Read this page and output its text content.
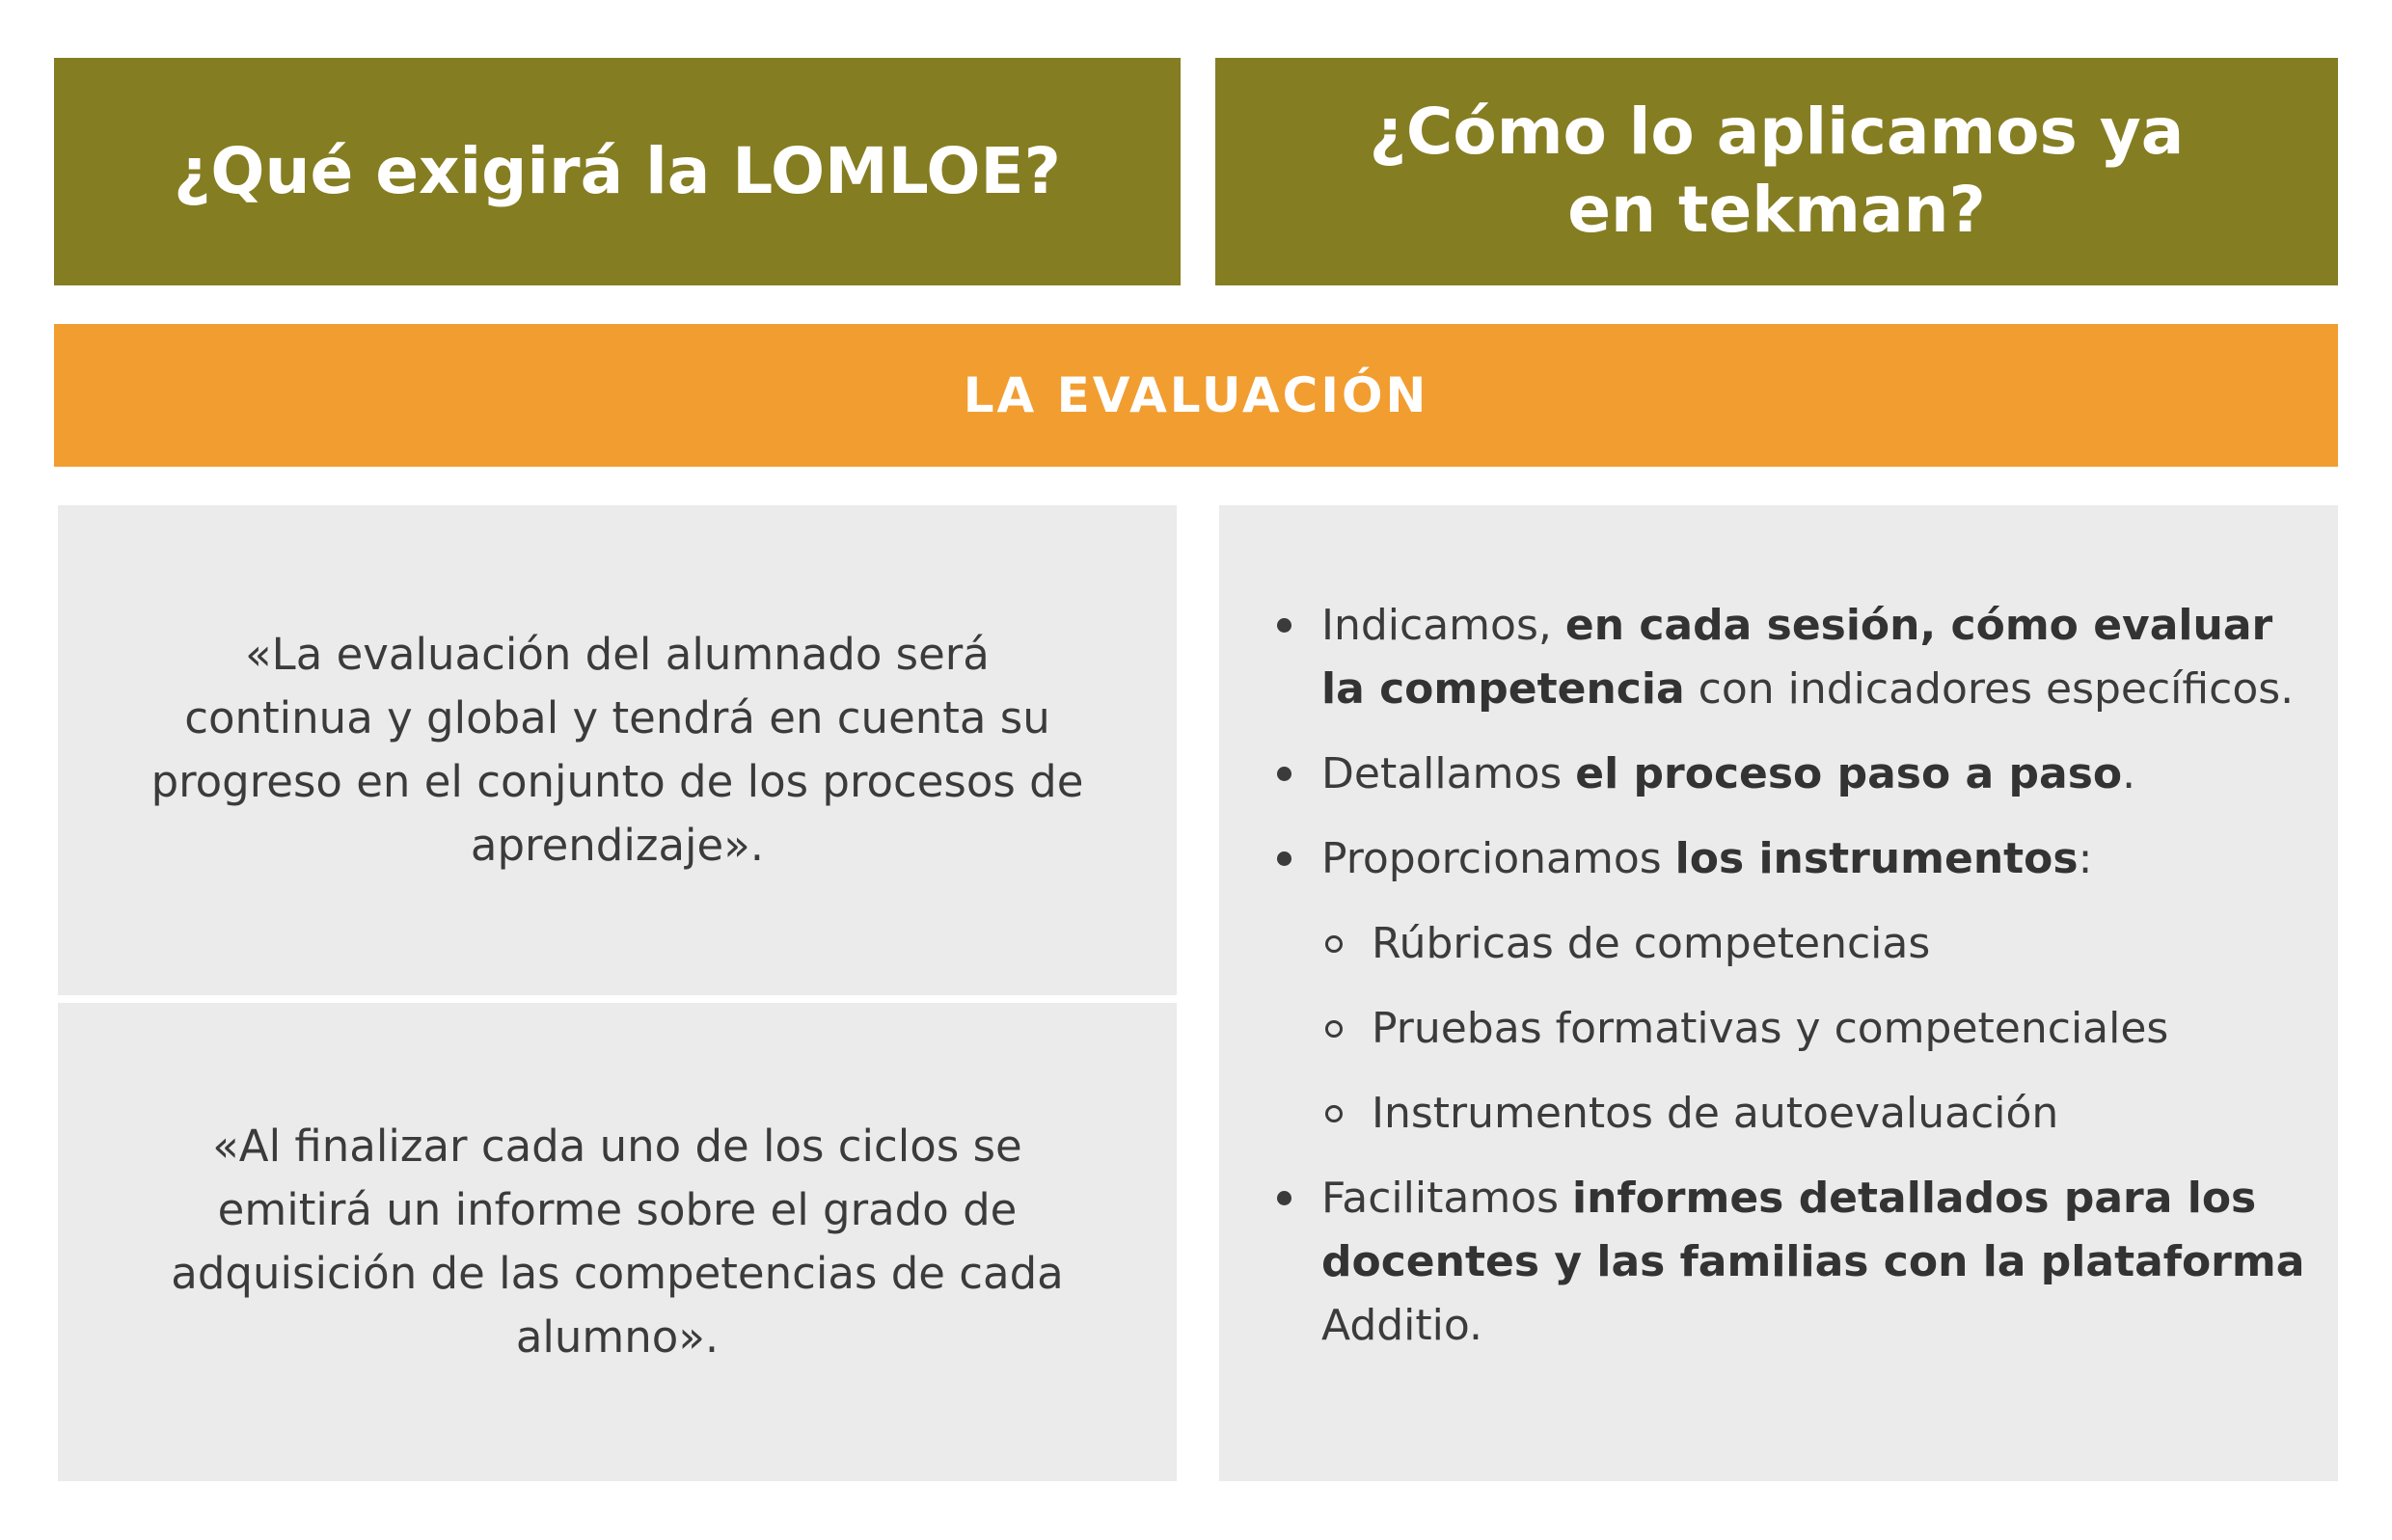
¿Qué exigirá la LOMLOE?
¿Cómo lo aplicamos ya
en tekman?
LA EVALUACIÓN

«La evaluación del alumnado será continua y global y tendrá en cuenta su progreso en el conjunto de los procesos de aprendizaje».

«Al finalizar cada uno de los ciclos se emitirá un informe sobre el grado de adquisición de las competencias de cada alumno».

Indicamos, en cada sesión, cómo evaluar la competencia con indicadores específicos.
Detallamos el proceso paso a paso.
Proporcionamos los instrumentos:
Rúbricas de competencias
Pruebas formativas y competenciales
Instrumentos de autoevaluación
Facilitamos informes detallados para los docentes y las familias con la plataforma Additio.
